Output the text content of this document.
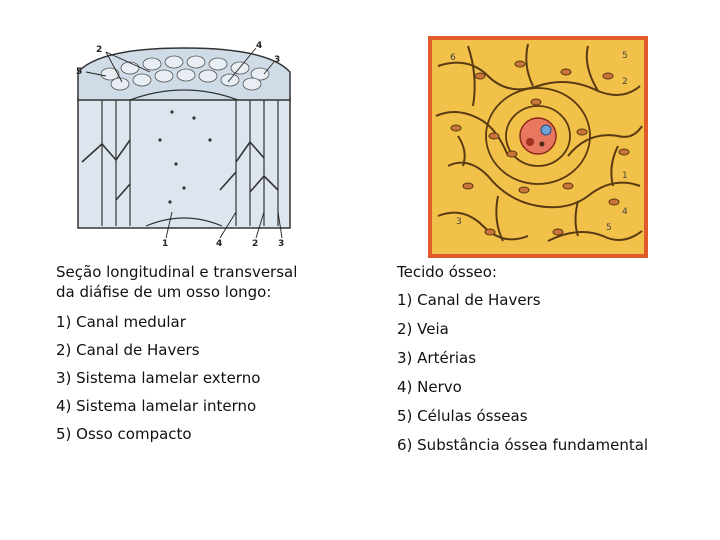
2	4
3
5
1	4	2 3
6	5
2
1
4
5
3
Seção longitudinal e transversal
da diáfise de um osso longo:
1) Canal medular
2) Canal de Havers
3) Sistema lamelar externo
4) Sistema lamelar interno
5) Osso compacto
Tecido ósseo:
1) Canal de Havers
2) Veia
3) Artérias
4) Nervo
5) Células ósseas
6) Substância óssea fundamental
